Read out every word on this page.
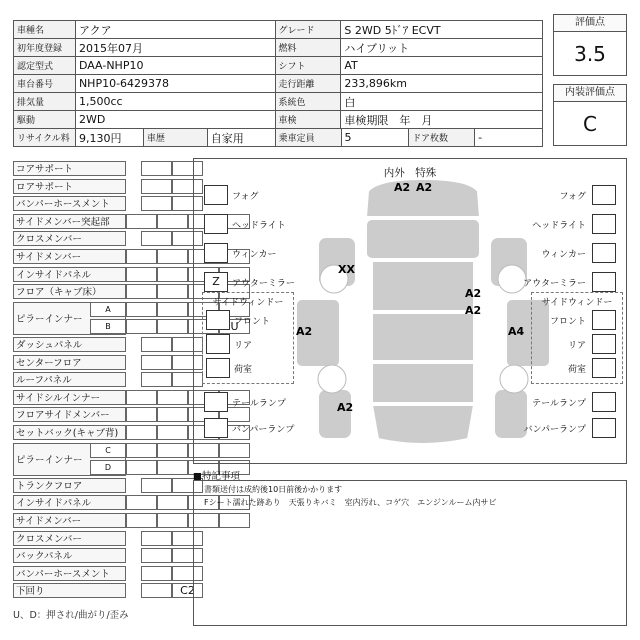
車種名	アクア	グレード	S 2WD 5ﾄﾞｱ ECVT
初年度登録	2015年07月	燃料	ハイブリット
認定型式	DAA-NHP10	シフト	AT
車台番号	NHP10-6429378	走行距離	233,896km
排気量	1,500cc	系統色	白
駆動	2WD	車検	車検期限　年　月
リサイクル料	9,130円	車歴	自家用	乗車定員	5	ドア枚数	-
評価点
3.5
内装評価点
C
コアサポート
ロアサポート
バンパーホースメント
サイドメンバー突起部
クロスメンバー
サイドメンバー
インサイドパネル
フロア（キャブ床）
ピラーインナー
A
B	U
ダッシュパネル
センターフロア
ルーフパネル
サイドシルインナー
フロアサイドメンバー
セットバック(キャブ背)
ピラーインナー
C
D
トランクフロア
インサイドパネル
サイドメンバー
クロスメンバー
バックパネル
バンパーホースメント
下回り	C2
U、D：押され/曲がり/歪み
内外　特殊
A2 A2
XX
A2
A2
A2
A4
A2
サイドウィンドー	サイドウィンドー
フォグ
ヘッドライト
ウィンカー
Z	アウターミラー
フォグ
ヘッドライト
ウィンカー
アウターミラー
フロント
リア
荷室
フロント
リア
荷室
テールランプ
バンパーランプ
テールランプ
バンパーランプ
■特記事項
書類送付は成約後10日前後かかります
Fシート濡れた跡あり　天張りキバミ　室内汚れ、コゲ穴　エンジンルーム内サビ
